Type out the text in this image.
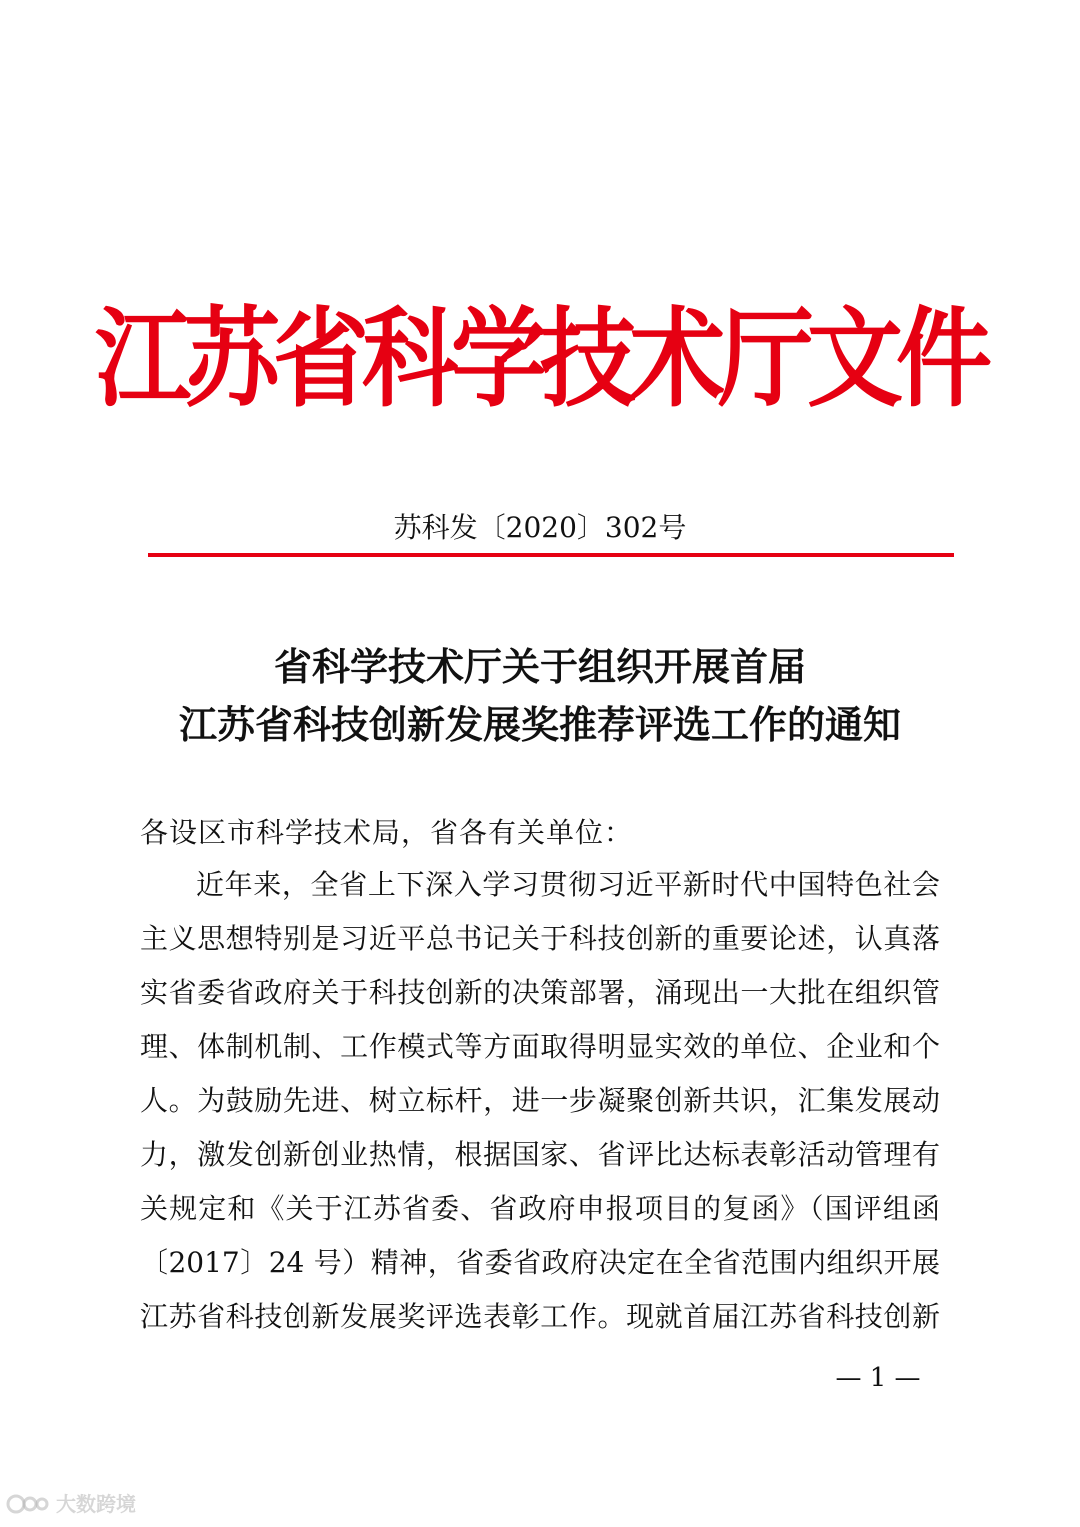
江苏省科学技术厅文件
苏科发〔2020〕302号
省科学技术厅关于组织开展首届
江苏省科技创新发展奖推荐评选工作的通知
各设区市科学技术局，省各有关单位：
近年来，全省上下深入学习贯彻习近平新时代中国特色社会
主义思想特别是习近平总书记关于科技创新的重要论述，认真落
实省委省政府关于科技创新的决策部署，涌现出一大批在组织管
理、体制机制、工作模式等方面取得明显实效的单位、企业和个
人。为鼓励先进、树立标杆，进一步凝聚创新共识，汇集发展动
力，激发创新创业热情，根据国家、省评比达标表彰活动管理有
关规定和《关于江苏省委、省政府申报项目的复函》（国评组函
〔2017〕24 号）精神，省委省政府决定在全省范围内组织开展
江苏省科技创新发展奖评选表彰工作。现就首届江苏省科技创新
— 1 —
大数跨境
